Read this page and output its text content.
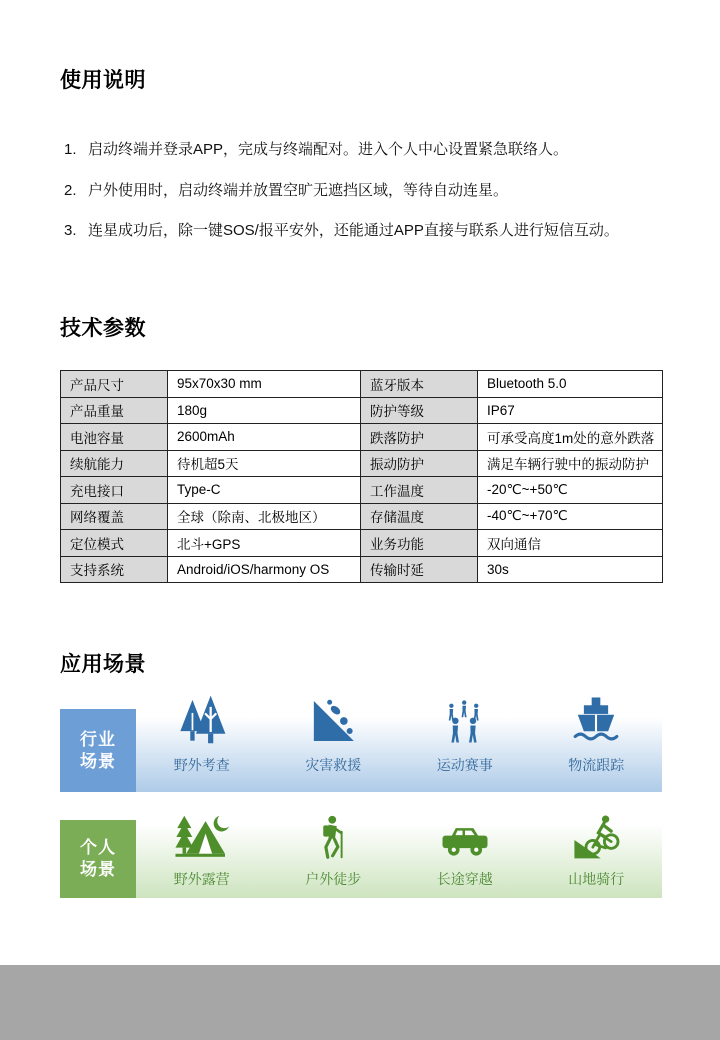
使用说明
1. 启动终端并登录APP，完成与终端配对。进入个人中心设置紧急联络人。
2. 户外使用时，启动终端并放置空旷无遮挡区域，等待自动连星。
3. 连星成功后，除一键SOS/报平安外，还能通过APP直接与联系人进行短信互动。
技术参数
产品尺寸	95x70x30 mm	蓝牙版本	Bluetooth 5.0
产品重量	180g	防护等级	IP67
电池容量	2600mAh	跌落防护	可承受高度1m处的意外跌落
续航能力	待机超5天	振动防护	满足车辆行驶中的振动防护
充电接口	Type-C	工作温度	-20℃~+50℃
网络覆盖	全球（除南、北极地区）	存储温度	-40℃~+70℃
定位模式	北斗+GPS	业务功能	双向通信
支持系统	Android/iOS/harmony OS	传输时延	30s
应用场景
行业
场景	野外考查	灾害救援	运动赛事	物流跟踪
个人
场景	野外露营	户外徒步	长途穿越	山地骑行
